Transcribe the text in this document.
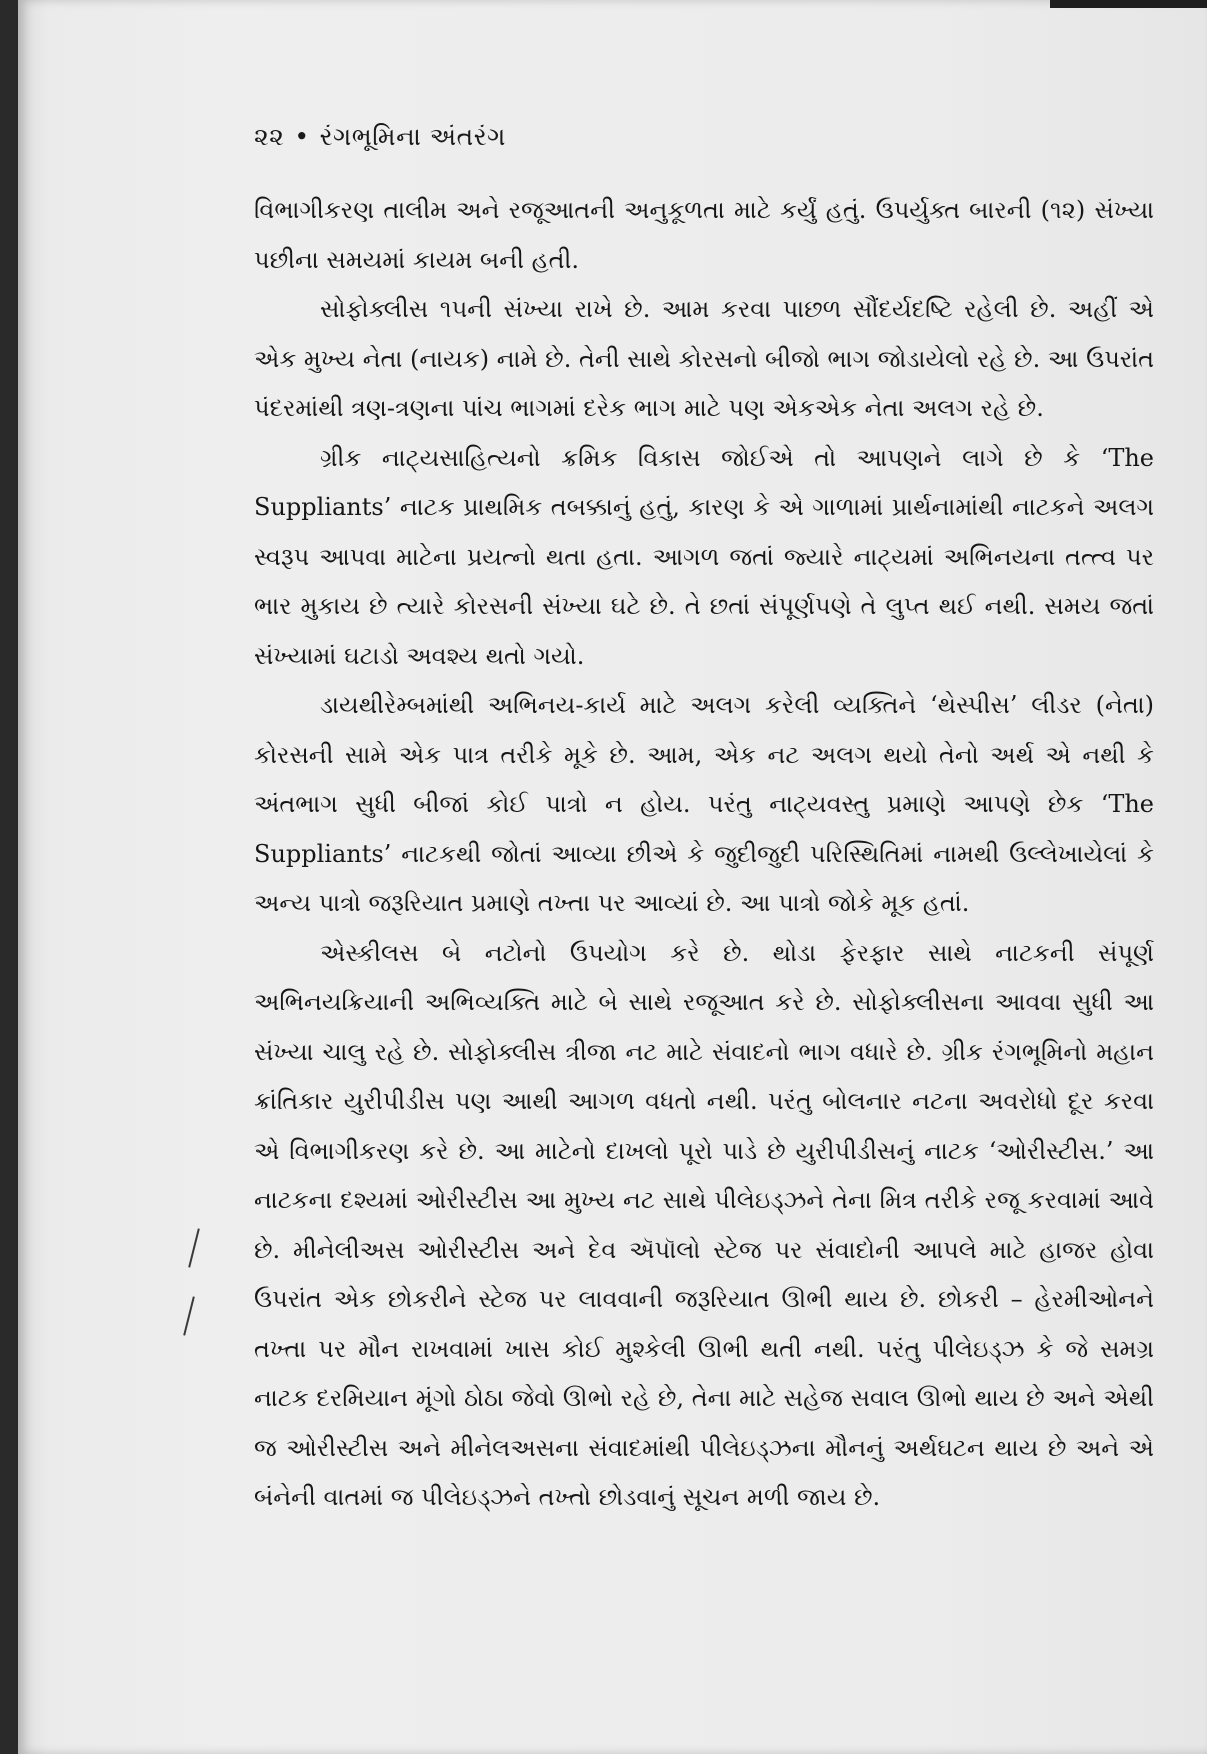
૨૨ • રંગભૂમિના અંતરંગ

વિભાગીકરણ તાલીમ અને રજૂઆતની અનુકૂળતા માટે કર્યું હતું. ઉપર્યુક્ત બારની (૧૨) સંખ્યા પછીના સમયમાં કાયમ બની હતી.

સોફોક્લીસ ૧૫ની સંખ્યા રાખે છે. આમ કરવા પાછળ સૌંદર્યદષ્ટિ રહેલી છે. અહીં એ એક મુખ્ય નેતા (નાયક) નામે છે. તેની સાથે કોરસનો બીજો ભાગ જોડાયેલો રહે છે. આ ઉપરાંત પંદરમાંથી ત્રણ-ત્રણના પાંચ ભાગમાં દરેક ભાગ માટે પણ એકએક નેતા અલગ રહે છે.

ગ્રીક નાટ્યસાહિત્યનો ક્રમિક વિકાસ જોઈએ તો આપણને લાગે છે કે ‘The Suppliants’ નાટક પ્રાથમિક તબક્કાનું હતું, કારણ કે એ ગાળામાં પ્રાર્થનામાંથી નાટકને અલગ સ્વરૂપ આપવા માટેના પ્રયત્નો થતા હતા. આગળ જતાં જ્યારે નાટ્યમાં અભિનયના તત્ત્વ પર ભાર મુકાય છે ત્યારે કોરસની સંખ્યા ઘટે છે. તે છતાં સંપૂર્ણપણે તે લુપ્ત થઈ નથી. સમય જતાં સંખ્યામાં ઘટાડો અવશ્ય થતો ગયો.

ડાયથીરેમ્બમાંથી અભિનય-કાર્ય માટે અલગ કરેલી વ્યક્તિને ‘થેસ્પીસ’ લીડર (નેતા) કોરસની સામે એક પાત્ર તરીકે મૂકે છે. આમ, એક નટ અલગ થયો તેનો અર્થ એ નથી કે અંતભાગ સુધી બીજાં કોઈ પાત્રો ન હોય. પરંતુ નાટ્યવસ્તુ પ્રમાણે આપણે છેક ‘The Suppliants’ નાટકથી જોતાં આવ્યા છીએ કે જુદીજુદી પરિસ્થિતિમાં નામથી ઉલ્લેખાયેલાં કે અન્ય પાત્રો જરૂરિયાત પ્રમાણે તખ્તા પર આવ્યાં છે. આ પાત્રો જોકે મૂક હતાં.

એસ્કીલસ બે નટોનો ઉપયોગ કરે છે. થોડા ફેરફાર સાથે નાટકની સંપૂર્ણ અભિનયક્રિયાની અભિવ્યક્તિ માટે બે સાથે રજૂઆત કરે છે. સોફોક્લીસના આવવા સુધી આ સંખ્યા ચાલુ રહે છે. સોફોક્લીસ ત્રીજા નટ માટે સંવાદનો ભાગ વધારે છે. ગ્રીક રંગભૂમિનો મહાન ક્રાંતિકાર યુરીપીડીસ પણ આથી આગળ વધતો નથી. પરંતુ બોલનાર નટના અવરોધો દૂર કરવા એ વિભાગીકરણ કરે છે. આ માટેનો દાખલો પૂરો પાડે છે યુરીપીડીસનું નાટક ‘ઓરીસ્ટીસ.’ આ નાટકના દશ્યમાં ઓરીસ્ટીસ આ મુખ્ય નટ સાથે પીલેઇડ્ઝને તેના મિત્ર તરીકે રજૂ કરવામાં આવે છે. મીનેલીઅસ ઓરીસ્ટીસ અને દેવ ઍપૉલો સ્ટેજ પર સંવાદોની આપલે માટે હાજર હોવા ઉપરાંત એક છોકરીને સ્ટેજ પર લાવવાની જરૂરિયાત ઊભી થાય છે. છોકરી – હેરમીઓનને તખ્તા પર મૌન રાખવામાં ખાસ કોઈ મુશ્કેલી ઊભી થતી નથી. પરંતુ પીલેઇડ્ઝ કે જે સમગ્ર નાટક દરમિયાન મૂંગો ઠોઠા જેવો ઊભો રહે છે, તેના માટે સહેજ સવાલ ઊભો થાય છે અને એથી જ ઓરીસ્ટીસ અને મીનેલઅસના સંવાદમાંથી પીલેઇડ્ઝના મૌનનું અર્થઘટન થાય છે અને એ બંનેની વાતમાં જ પીલેઇડ્ઝને તખ્તો છોડવાનું સૂચન મળી જાય છે.
